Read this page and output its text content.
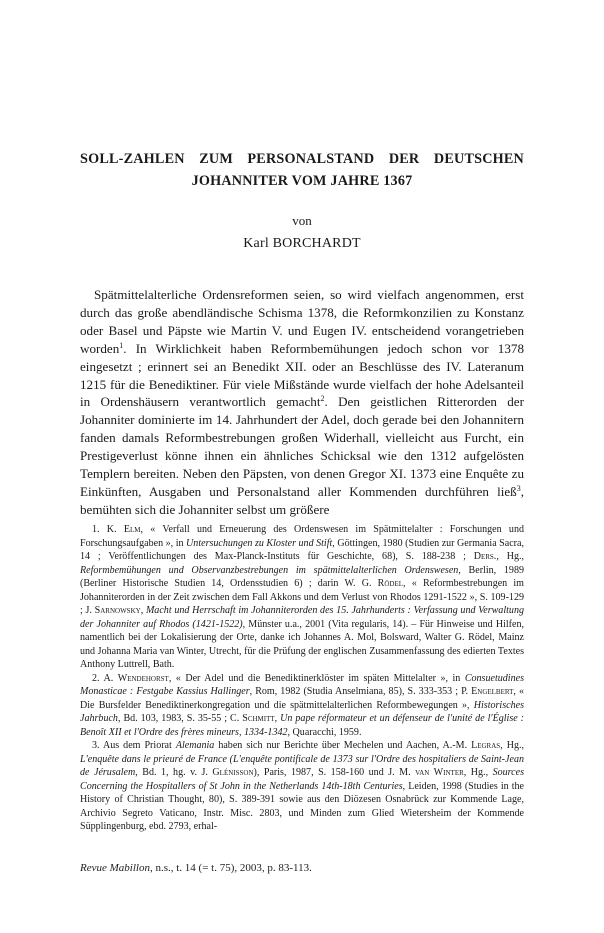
SOLL-ZAHLEN ZUM PERSONALSTAND DER DEUTSCHEN
JOHANNITER VOM JAHRE 1367
von
Karl BORCHARDT

Spätmittelalterliche Ordensreformen seien, so wird vielfach angenommen, erst durch das große abendländische Schisma 1378, die Reformkonzilien zu Konstanz oder Basel und Päpste wie Martin V. und Eugen IV. entscheidend vorangetrieben worden$^1$. In Wirklichkeit haben Reformbemühungen jedoch schon vor 1378 eingesetzt ; erinnert sei an Benedikt XII. oder an Beschlüsse des IV. Lateranum 1215 für die Benediktiner. Für viele Mißstände wurde vielfach der hohe Adelsanteil in Ordenshäusern verantwortlich gemacht$^2$. Den geistlichen Ritterorden der Johanniter dominierte im 14. Jahrhundert der Adel, doch gerade bei den Johannitern fanden damals Reformbestrebungen großen Widerhall, vielleicht aus Furcht, ein Prestigeverlust könne ihnen ein ähnliches Schicksal wie den 1312 aufgelösten Templern bereiten. Neben den Päpsten, von denen Gregor XI. 1373 eine Enquête zu Einkünften, Ausgaben und Personalstand aller Kommenden durchführen ließ$^3$, bemühten sich die Johanniter selbst um größere

1. K. Elm, « Verfall und Erneuerung des Ordenswesen im Spätmittelalter : Forschungen und Forschungsaufgaben », in Untersuchungen zu Kloster und Stift, Göttingen, 1980 (Studien zur Germania Sacra, 14 ; Veröffentlichungen des Max-Planck-Instituts für Geschichte, 68), S. 188-238 ; Ders., Hg., Reformbemühungen und Observanzbestrebungen im spätmittelalterlichen Ordenswesen, Berlin, 1989 (Berliner Historische Studien 14, Ordensstudien 6) ; darin W. G. Rödel, « Reformbestrebungen im Johanniterorden in der Zeit zwischen dem Fall Akkons und dem Verlust von Rhodos 1291-1522 », S. 109-129 ; J. Sarnowsky, Macht und Herrschaft im Johanniterorden des 15. Jahrhunderts : Verfassung und Verwaltung der Johanniter auf Rhodos (1421-1522), Münster u.a., 2001 (Vita regularis, 14). – Für Hinweise und Hilfen, namentlich bei der Lokalisierung der Orte, danke ich Johannes A. Mol, Bolsward, Walter G. Rödel, Mainz und Johanna Maria van Winter, Utrecht, für die Prüfung der englischen Zusammenfassung des edierten Textes Anthony Luttrell, Bath.

2. A. Wendehorst, « Der Adel und die Benediktinerklöster im späten Mittelalter », in Consuetudines Monasticae : Festgabe Kassius Hallinger, Rom, 1982 (Studia Anselmiana, 85), S. 333-353 ; P. Engelbert, « Die Bursfelder Benediktinerkongregation und die spätmittelalterlichen Reformbewegungen », Historisches Jahrbuch, Bd. 103, 1983, S. 35-55 ; C. Schmitt, Un pape réformateur et un défenseur de l'unité de l'Église : Benoît XII et l'Ordre des frères mineurs, 1334-1342, Quaracchi, 1959.

3. Aus dem Priorat Alemania haben sich nur Berichte über Mechelen und Aachen, A.-M. Legras, Hg., L'enquête dans le prieuré de France (L'enquête pontificale de 1373 sur l'Ordre des hospitaliers de Saint-Jean de Jérusalem, Bd. 1, hg. v. J. Glénisson), Paris, 1987, S. 158-160 und J. M. van Winter, Hg., Sources Concerning the Hospitallers of St John in the Netherlands 14th-18th Centuries, Leiden, 1998 (Studies in the History of Christian Thought, 80), S. 389-391 sowie aus den Diözesen Osnabrück zur Kommende Lage, Archivio Segreto Vaticano, Instr. Misc. 2803, und Minden zum Glied Wietersheim der Kommende Süpplingenburg, ebd. 2793, erhal-

Revue Mabillon, n.s., t. 14 (= t. 75), 2003, p. 83-113.
